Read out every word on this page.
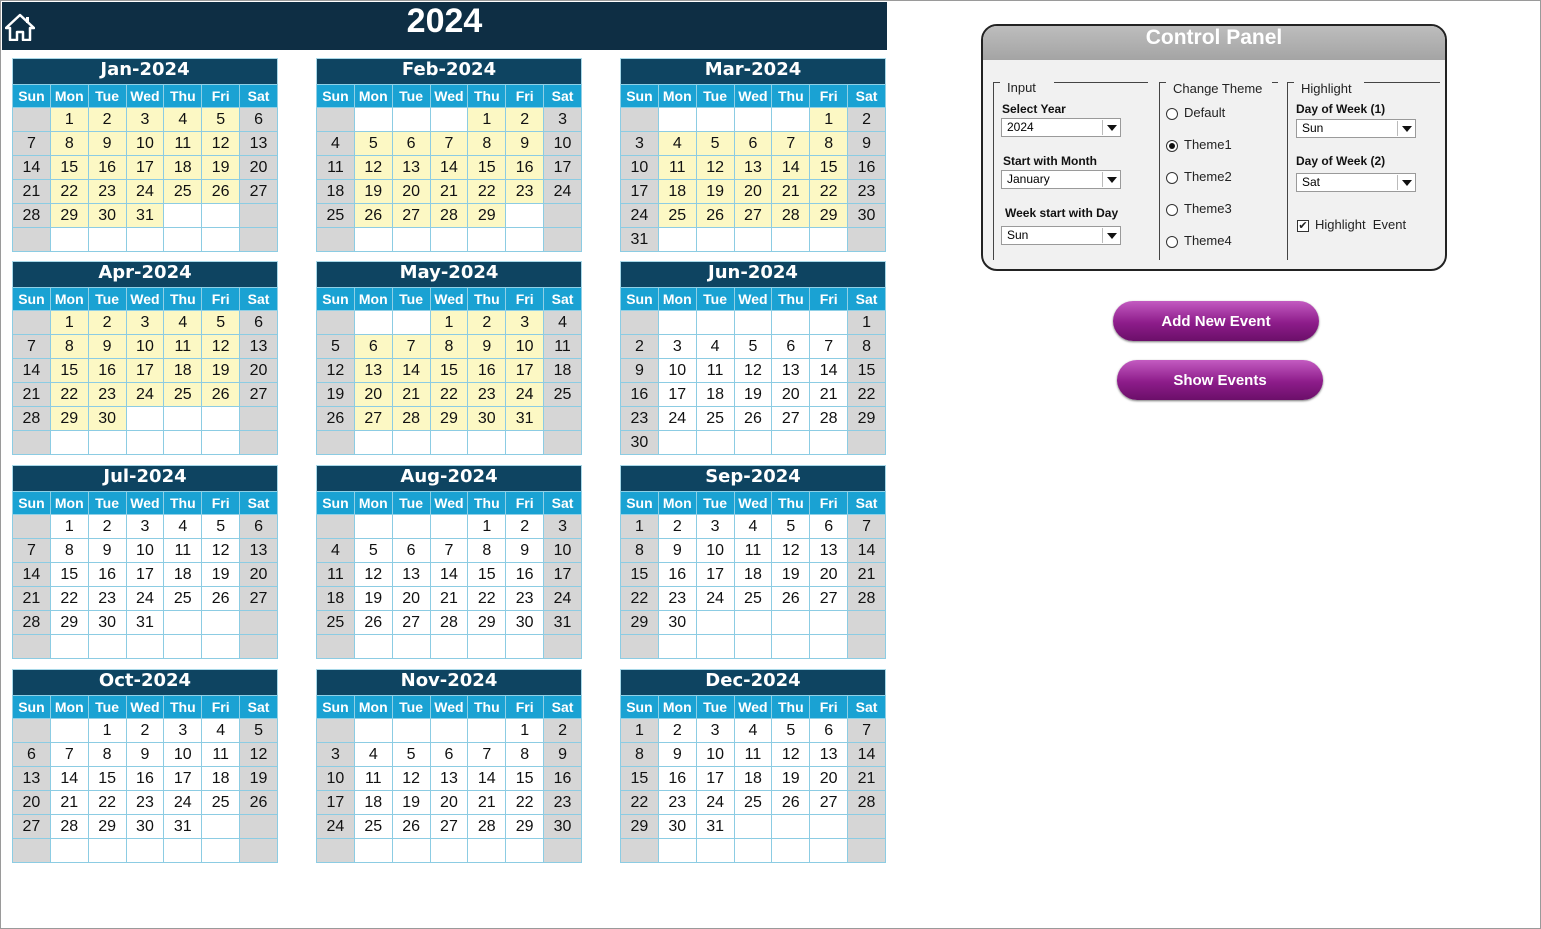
2024
Jan-2024
Sun	Mon	Tue	Wed	Thu	Fri	Sat
	1	2	3	4	5	6
7	8	9	10	11	12	13
14	15	16	17	18	19	20
21	22	23	24	25	26	27
28	29	30	31			

Feb-2024
Sun	Mon	Tue	Wed	Thu	Fri	Sat
				1	2	3
4	5	6	7	8	9	10
11	12	13	14	15	16	17
18	19	20	21	22	23	24
25	26	27	28	29		

Mar-2024
Sun	Mon	Tue	Wed	Thu	Fri	Sat
					1	2
3	4	5	6	7	8	9
10	11	12	13	14	15	16
17	18	19	20	21	22	23
24	25	26	27	28	29	30
31						
Apr-2024
Sun	Mon	Tue	Wed	Thu	Fri	Sat
	1	2	3	4	5	6
7	8	9	10	11	12	13
14	15	16	17	18	19	20
21	22	23	24	25	26	27
28	29	30				

May-2024
Sun	Mon	Tue	Wed	Thu	Fri	Sat
			1	2	3	4
5	6	7	8	9	10	11
12	13	14	15	16	17	18
19	20	21	22	23	24	25
26	27	28	29	30	31	

Jun-2024
Sun	Mon	Tue	Wed	Thu	Fri	Sat
						1
2	3	4	5	6	7	8
9	10	11	12	13	14	15
16	17	18	19	20	21	22
23	24	25	26	27	28	29
30						
Jul-2024
Sun	Mon	Tue	Wed	Thu	Fri	Sat
	1	2	3	4	5	6
7	8	9	10	11	12	13
14	15	16	17	18	19	20
21	22	23	24	25	26	27
28	29	30	31			

Aug-2024
Sun	Mon	Tue	Wed	Thu	Fri	Sat
				1	2	3
4	5	6	7	8	9	10
11	12	13	14	15	16	17
18	19	20	21	22	23	24
25	26	27	28	29	30	31

Sep-2024
Sun	Mon	Tue	Wed	Thu	Fri	Sat
1	2	3	4	5	6	7
8	9	10	11	12	13	14
15	16	17	18	19	20	21
22	23	24	25	26	27	28
29	30					

Oct-2024
Sun	Mon	Tue	Wed	Thu	Fri	Sat
		1	2	3	4	5
6	7	8	9	10	11	12
13	14	15	16	17	18	19
20	21	22	23	24	25	26
27	28	29	30	31		

Nov-2024
Sun	Mon	Tue	Wed	Thu	Fri	Sat
					1	2
3	4	5	6	7	8	9
10	11	12	13	14	15	16
17	18	19	20	21	22	23
24	25	26	27	28	29	30

Dec-2024
Sun	Mon	Tue	Wed	Thu	Fri	Sat
1	2	3	4	5	6	7
8	9	10	11	12	13	14
15	16	17	18	19	20	21
22	23	24	25	26	27	28
29	30	31				

Control Panel
Input
Select Year
2024
Start with Month
January
Week start with Day
Sun
Change Theme
Default
Theme1
Theme2
Theme3
Theme4
Highlight
Day of Week (1)
Sun
Day of Week (2)
Sat
✔ Highlight  Event
Add New Event
Show Events
